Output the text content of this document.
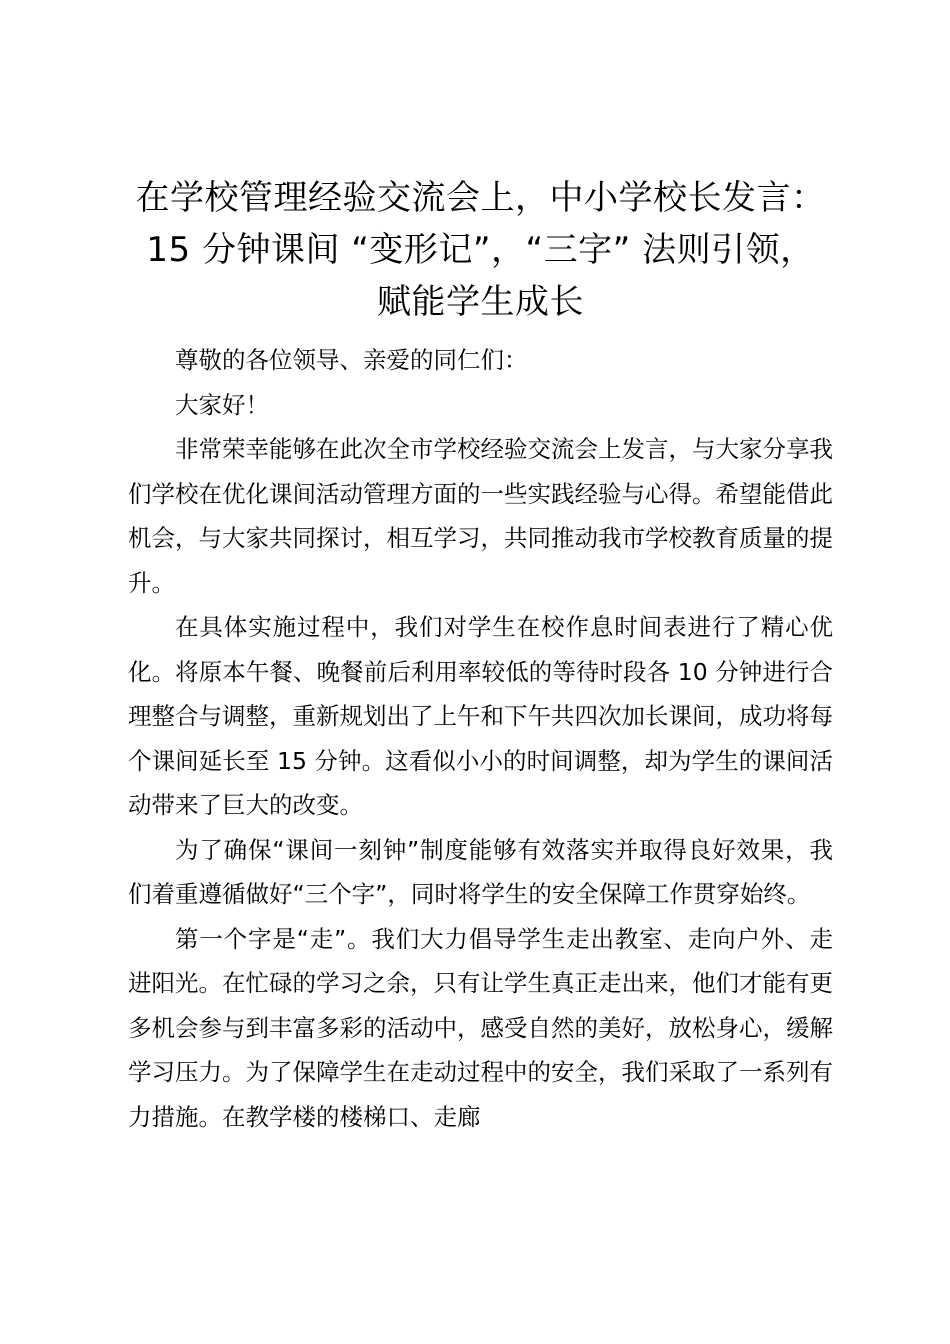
在学校管理经验交流会上，中小学校长发言：
15 分钟课间 “变形记”，“三字” 法则引领，
赋能学生成长

尊敬的各位领导、亲爱的同仁们：

大家好！

非常荣幸能够在此次全市学校经验交流会上发言，与大家分享我们学校在优化课间活动管理方面的一些实践经验与心得。希望能借此机会，与大家共同探讨，相互学习，共同推动我市学校教育质量的提升。

在具体实施过程中，我们对学生在校作息时间表进行了精心优化。将原本午餐、晚餐前后利用率较低的等待时段各 10 分钟进行合理整合与调整，重新规划出了上午和下午共四次加长课间，成功将每个课间延长至 15 分钟。这看似小小的时间调整，却为学生的课间活动带来了巨大的改变。

为了确保“课间一刻钟”制度能够有效落实并取得良好效果，我们着重遵循做好“三个字”，同时将学生的安全保障工作贯穿始终。

第一个字是“走”。我们大力倡导学生走出教室、走向户外、走进阳光。在忙碌的学习之余，只有让学生真正走出来，他们才能有更多机会参与到丰富多彩的活动中，感受自然的美好，放松身心，缓解学习压力。为了保障学生在走动过程中的安全，我们采取了一系列有力措施。在教学楼的楼梯口、走廊
